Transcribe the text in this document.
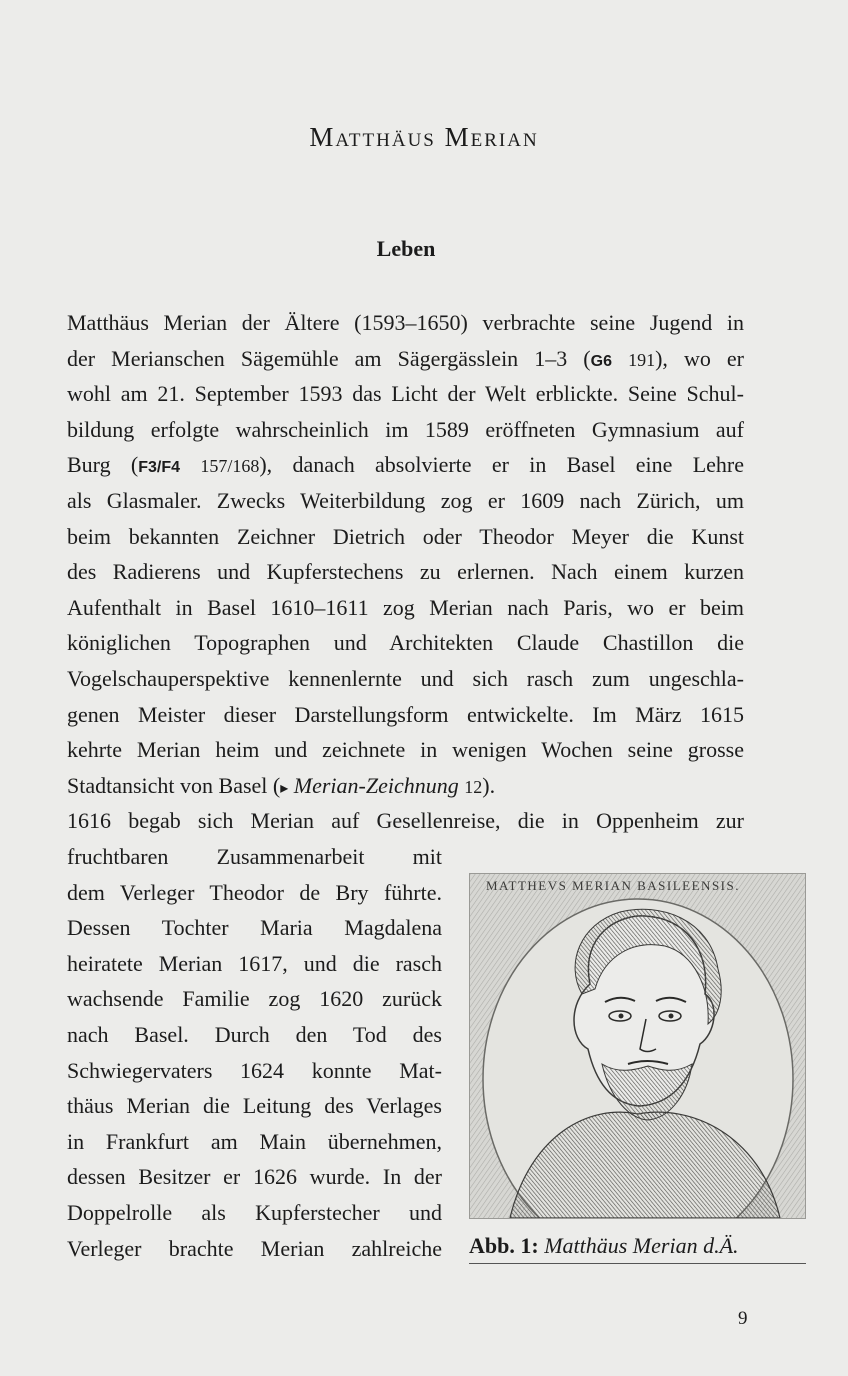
Matthäus Merian
Leben
Matthäus Merian der Ältere (1593–1650) verbrachte seine Jugend in
der Merianschen Sägemühle am Sägergässlein 1–3 (G6 191), wo er
wohl am 21. September 1593 das Licht der Welt erblickte. Seine Schul-
bildung erfolgte wahrscheinlich im 1589 eröffneten Gymnasium auf
Burg (F3/F4 157/168), danach absolvierte er in Basel eine Lehre
als Glasmaler. Zwecks Weiterbildung zog er 1609 nach Zürich, um
beim bekannten Zeichner Dietrich oder Theodor Meyer die Kunst
des Radierens und Kupferstechens zu erlernen. Nach einem kurzen
Aufenthalt in Basel 1610–1611 zog Merian nach Paris, wo er beim
königlichen Topographen und Architekten Claude Chastillon die
Vogelschauperspektive kennenlernte und sich rasch zum ungeschla-
genen Meister dieser Darstellungsform entwickelte. Im März 1615
kehrte Merian heim und zeichnete in wenigen Wochen seine grosse
Stadtansicht von Basel (▸ Merian-Zeichnung 12).
1616 begab sich Merian auf Gesellenreise, die in Oppenheim zur
fruchtbaren Zusammenarbeit mit
dem Verleger Theodor de Bry führte.
Dessen Tochter Maria Magdalena
heiratete Merian 1617, und die rasch
wachsende Familie zog 1620 zurück
nach Basel. Durch den Tod des
Schwiegervaters 1624 konnte Mat-
thäus Merian die Leitung des Verlages
in Frankfurt am Main übernehmen,
dessen Besitzer er 1626 wurde. In der
Doppelrolle als Kupferstecher und
Verleger brachte Merian zahlreiche
MATTHEVS MERIAN BASILEENSIS.
Abb. 1: Matthäus Merian d.Ä.
9
